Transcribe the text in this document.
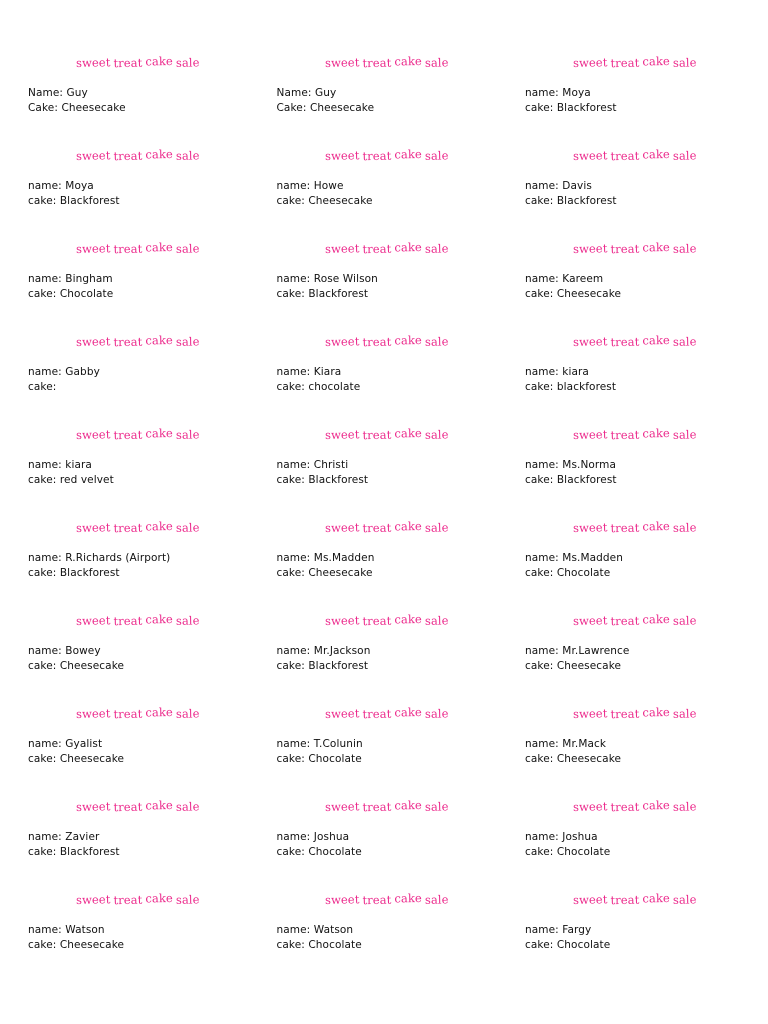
sweet treat cake sale
Name: Guy
Cake: Cheesecake
sweet treat cake sale
Name: Guy
Cake: Cheesecake
sweet treat cake sale
name: Moya
cake: Blackforest
sweet treat cake sale
name: Moya
cake: Blackforest
sweet treat cake sale
name: Howe
cake: Cheesecake
sweet treat cake sale
name: Davis
cake: Blackforest
sweet treat cake sale
name: Bingham
cake: Chocolate
sweet treat cake sale
name: Rose Wilson
cake: Blackforest
sweet treat cake sale
name: Kareem
cake: Cheesecake
sweet treat cake sale
name: Gabby
cake:
sweet treat cake sale
name: Kiara
cake: chocolate
sweet treat cake sale
name: kiara
cake: blackforest
sweet treat cake sale
name: kiara
cake: red velvet
sweet treat cake sale
name: Christi
cake: Blackforest
sweet treat cake sale
name: Ms.Norma
cake: Blackforest
sweet treat cake sale
name: R.Richards (Airport)
cake: Blackforest
sweet treat cake sale
name: Ms.Madden
cake: Cheesecake
sweet treat cake sale
name: Ms.Madden
cake: Chocolate
sweet treat cake sale
name: Bowey
cake: Cheesecake
sweet treat cake sale
name: Mr.Jackson
cake: Blackforest
sweet treat cake sale
name: Mr.Lawrence
cake: Cheesecake
sweet treat cake sale
name: Gyalist
cake: Cheesecake
sweet treat cake sale
name: T.Colunin
cake: Chocolate
sweet treat cake sale
name: Mr.Mack
cake: Cheesecake
sweet treat cake sale
name: Zavier
cake: Blackforest
sweet treat cake sale
name: Joshua
cake: Chocolate
sweet treat cake sale
name: Joshua
cake: Chocolate
sweet treat cake sale
name: Watson
cake: Cheesecake
sweet treat cake sale
name: Watson
cake: Chocolate
sweet treat cake sale
name: Fargy
cake: Chocolate
